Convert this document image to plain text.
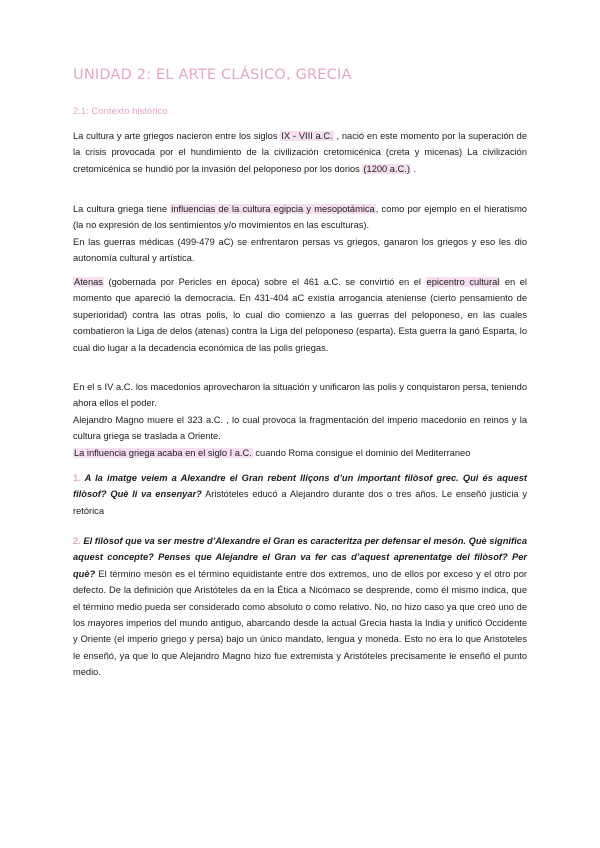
UNIDAD 2: EL ARTE CLÁSICO, GRECIA
2.1: Contexto histórico

La cultura y arte griegos nacieron entre los siglos IX - VIII a.C. , nació en este momento por la superación de la crisis provocada por el hundimiento de la civilización cretomicénica (creta y micenas) La civilización cretomicénica se hundió por la invasión del peloponeso por los dorios (1200 a.C.) .

La cultura griega tiene influencias de la cultura egipcia y mesopotámica, como por ejemplo en el hieratismo (la no expresión de los sentimientos y/o movimientos en las esculturas).
En las guerras médicas (499-479 aC) se enfrentaron persas vs griegos, ganaron los griegos y eso les dio autonomía cultural y artística.

Atenas (gobernada por Pericles en época) sobre el 461 a.C. se convirtió en el epicentro cultural en el momento que apareció la democracia. En 431-404 aC existía arrogancia ateniense (cierto pensamiento de superioridad) contra las otras polis, lo cual dio comienzo a las guerras del peloponeso, en las cuales combatieron la Liga de delos (atenas) contra la Liga del peloponeso (esparta). Esta guerra la ganó Esparta, lo cual dio lugar a la decadencia económica de las polis griegas.

En el s IV a.C. los macedonios aprovecharon la situación y unificaron las polis y conquistaron persa, teniendo ahora ellos el poder.
Alejandro Magno muere el 323 a.C. , lo cual provoca la fragmentación del imperio macedonio en reinos y la cultura griega se traslada a Oriente.
La influencia griega acaba en el siglo I a.C. cuando Roma consigue el dominio del Mediterraneo

1. A la imatge veiem a Alexandre el Gran rebent lliçons d’un important filòsof grec. Qui és aquest filòsof? Què li va ensenyar? Aristóteles educó a Alejandro durante dos o tres años. Le enseñó justicia y retórica

2. El filòsof que va ser mestre d’Alexandre el Gran es caracteritza per defensar el mesón. Què significa aquest concepte? Penses que Alejandre el Gran va fer cas d’aquest aprenentatge del filòsof? Per què? El término mesón es el término equidistante entre dos extremos, uno de ellos por exceso y el otro por defecto. De la definición que Aristóteles da en la Ética a Nicómaco se desprende, como él mismo indica, que el término medio pueda ser considerado como absoluto o como relativo. No, no hizo caso ya que creó uno de los mayores imperios del mundo antiguo, abarcando desde la actual Grecia hasta la India y unificó Occidente y Oriente (el imperio griego y persa) bajo un único mandato, lengua y moneda. Esto no era lo que Aristoteles le enseñó, ya que lo que Alejandro Magno hizo fue extremista y Aristóteles precisamente le enseñó el punto medio.
